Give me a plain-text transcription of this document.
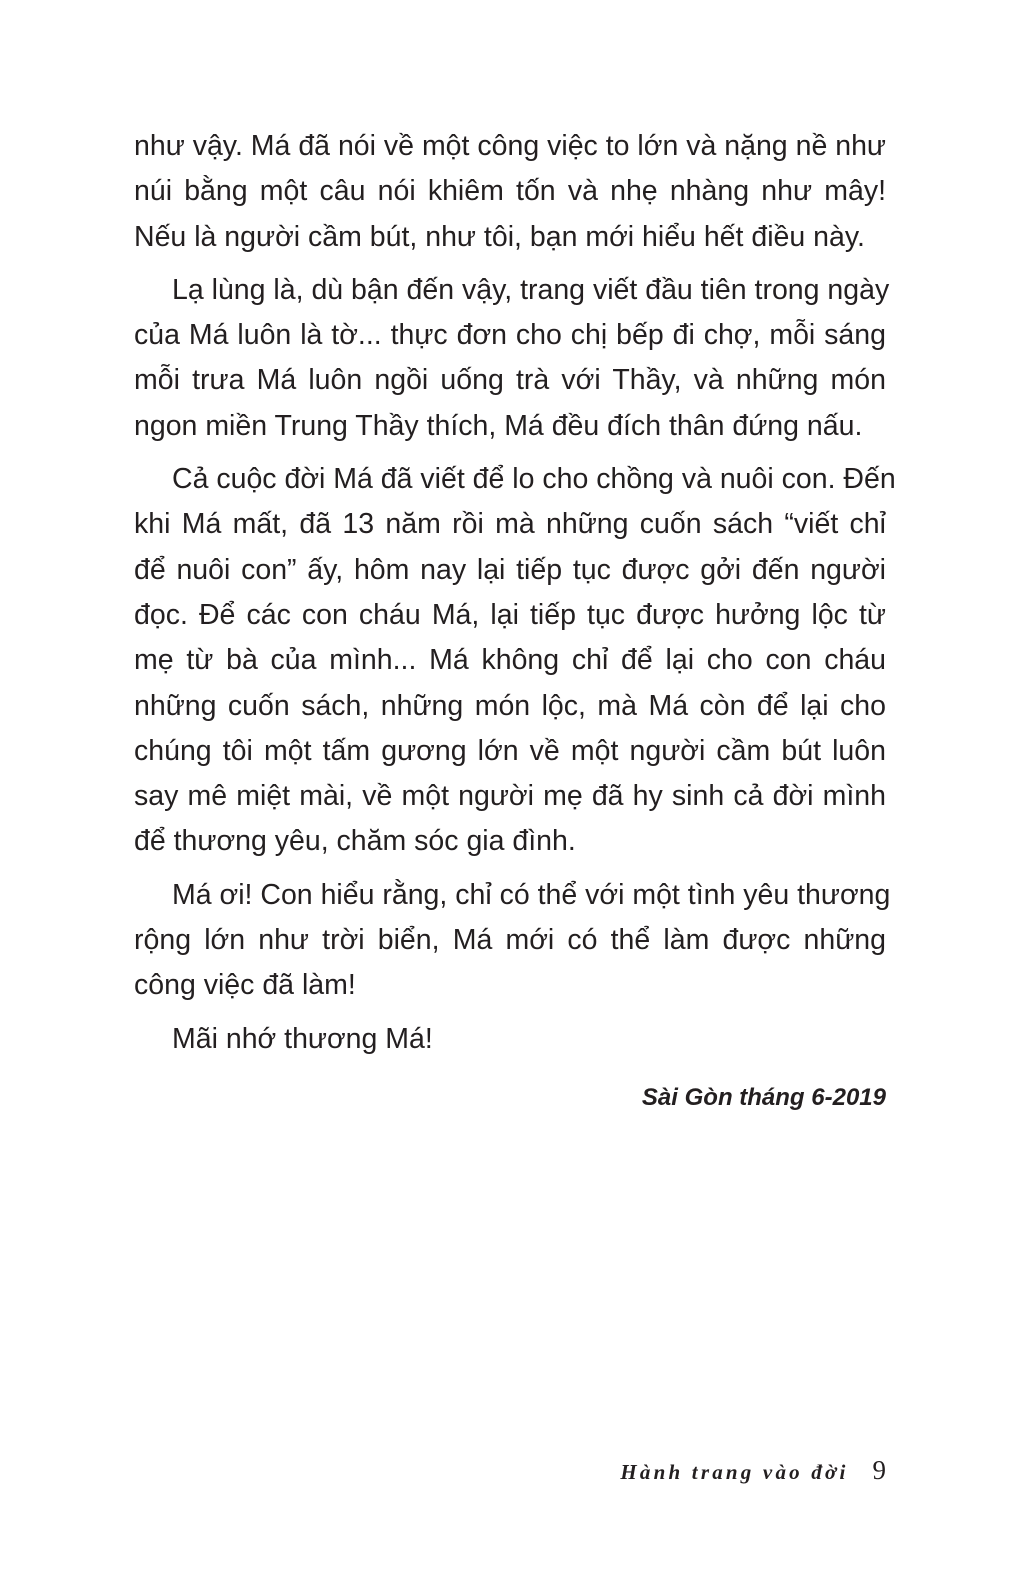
như vậy. Má đã nói về một công việc to lớn và nặng nề như
núi bằng một câu nói khiêm tốn và nhẹ nhàng như mây!
Nếu là người cầm bút, như tôi, bạn mới hiểu hết điều này.
Lạ lùng là, dù bận đến vậy, trang viết đầu tiên trong ngày
của Má luôn là tờ... thực đơn cho chị bếp đi chợ, mỗi sáng
mỗi trưa Má luôn ngồi uống trà với Thầy, và những món
ngon miền Trung Thầy thích, Má đều đích thân đứng nấu.
Cả cuộc đời Má đã viết để lo cho chồng và nuôi con. Đến
khi Má mất, đã 13 năm rồi mà những cuốn sách “viết chỉ
để nuôi con” ấy, hôm nay lại tiếp tục được gởi đến người
đọc. Để các con cháu Má, lại tiếp tục được hưởng lộc từ
mẹ từ bà của mình... Má không chỉ để lại cho con cháu
những cuốn sách, những món lộc, mà Má còn để lại cho
chúng tôi một tấm gương lớn về một người cầm bút luôn
say mê miệt mài, về một người mẹ đã hy sinh cả đời mình
để thương yêu, chăm sóc gia đình.
Má ơi! Con hiểu rằng, chỉ có thể với một tình yêu thương
rộng lớn như trời biển, Má mới có thể làm được những
công việc đã làm!
Mãi nhớ thương Má!
Sài Gòn tháng 6-2019
Hành trang vào đời 9
